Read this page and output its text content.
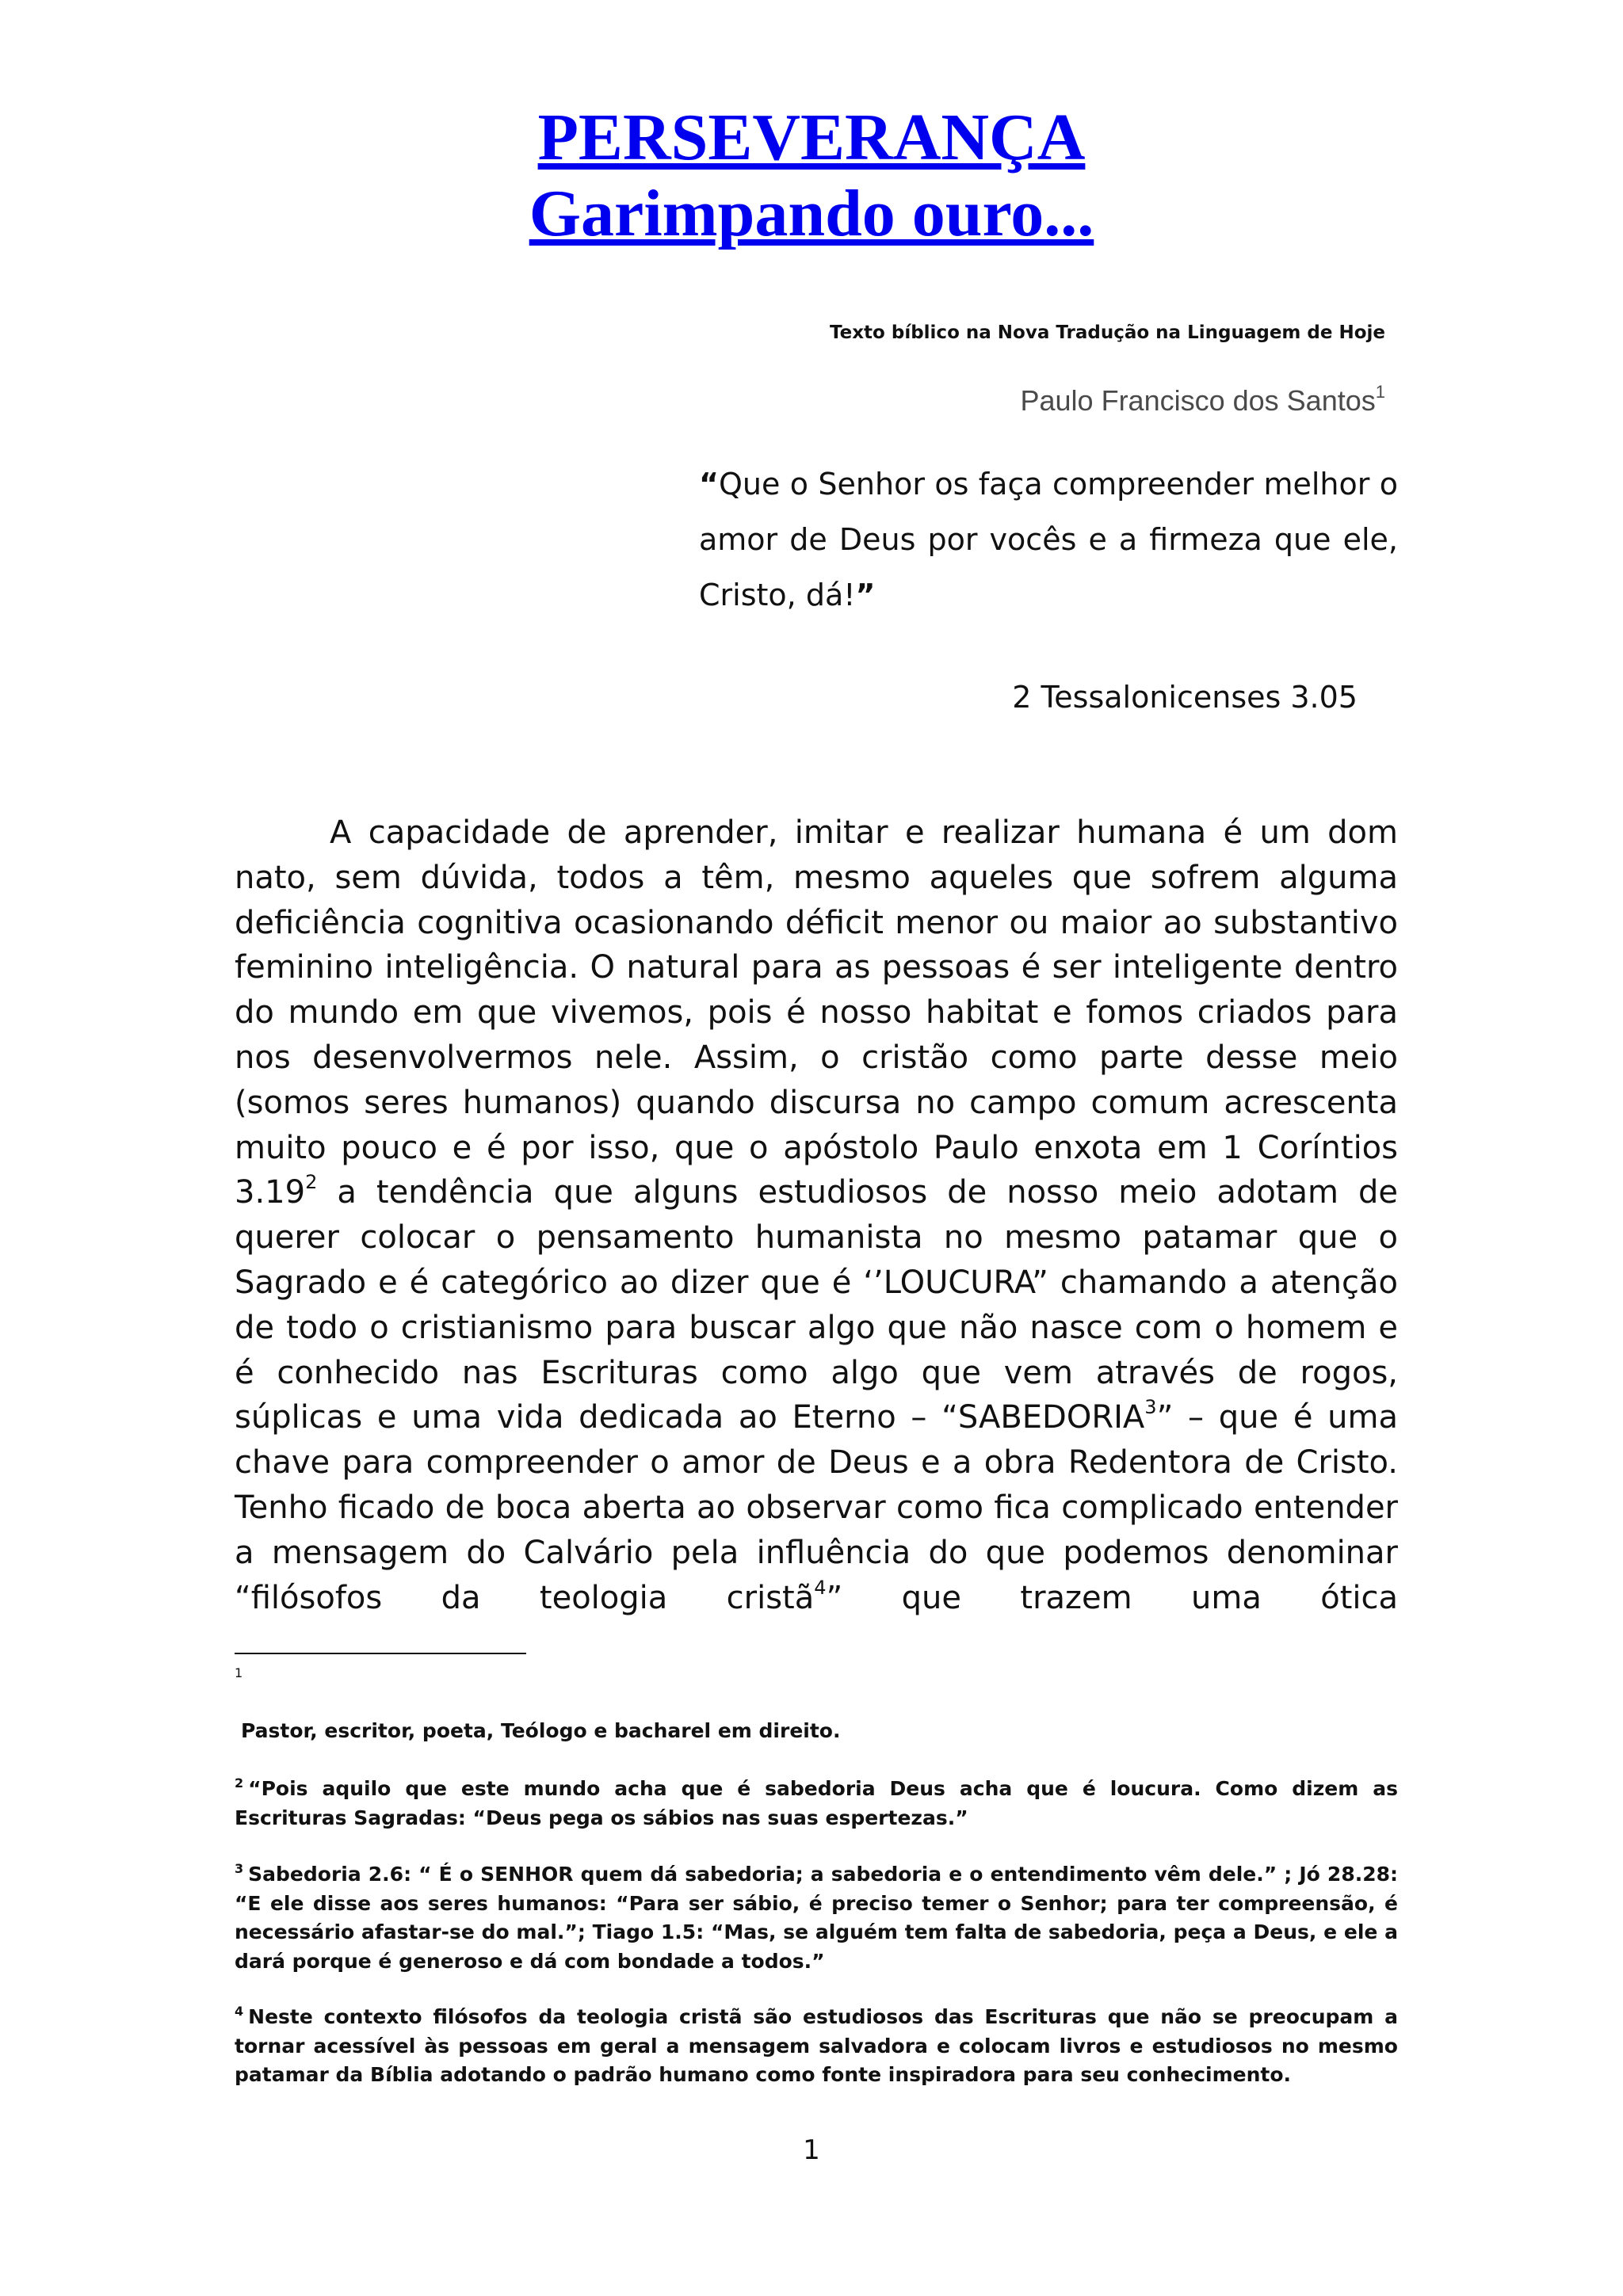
PERSEVERANÇA
Garimpando ouro...
Texto bíblico na Nova Tradução na Linguagem de Hoje
Paulo Francisco dos Santos$^1$
“Que o Senhor os faça compreender melhor o amor de Deus por vocês e a firmeza que ele, Cristo, dá!”
2 Tessalonicenses 3.05

A capacidade de aprender, imitar e realizar humana é um dom nato, sem dúvida, todos a têm, mesmo aqueles que sofrem alguma deficiência cognitiva ocasionando déficit menor ou maior ao substantivo feminino inteligência. O natural para as pessoas é ser inteligente dentro do mundo em que vivemos, pois é nosso habitat e fomos criados para nos desenvolvermos nele. Assim, o cristão como parte desse meio (somos seres humanos) quando discursa no campo comum acrescenta muito pouco e é por isso, que o apóstolo Paulo enxota em 1 Coríntios 3.19$^2$ a tendência que alguns estudiosos de nosso meio adotam de querer colocar o pensamento humanista no mesmo patamar que o Sagrado e é categórico ao dizer que é ‘’LOUCURA” chamando a atenção de todo o cristianismo para buscar algo que não nasce com o homem e é conhecido nas Escrituras como algo que vem através de rogos, súplicas e uma vida dedicada ao Eterno – “SABEDORIA$^3$” – que é uma chave para compreender o amor de Deus e a obra Redentora de Cristo. Tenho ficado de boca aberta ao observar como fica complicado entender a mensagem do Calvário pela influência do que podemos denominar “filósofos da teologia cristã$^4$” que trazem uma ótica

1

Pastor, escritor, poeta, Teólogo e bacharel em direito.

$^2$ “Pois aquilo que este mundo acha que é sabedoria Deus acha que é loucura. Como dizem as Escrituras Sagradas: “Deus pega os sábios nas suas espertezas.”

$^3$ Sabedoria 2.6: “ É o SENHOR quem dá sabedoria; a sabedoria e o entendimento vêm dele.” ; Jó 28.28: “E ele disse aos seres humanos: “Para ser sábio, é preciso temer o Senhor; para ter compreensão, é necessário afastar-se do mal.”; Tiago 1.5: “Mas, se alguém tem falta de sabedoria, peça a Deus, e ele a dará porque é generoso e dá com bondade a todos.”

$^4$ Neste contexto filósofos da teologia cristã são estudiosos das Escrituras que não se preocupam a tornar acessível às pessoas em geral a mensagem salvadora e colocam livros e estudiosos no mesmo patamar da Bíblia adotando o padrão humano como fonte inspiradora para seu conhecimento.

1
